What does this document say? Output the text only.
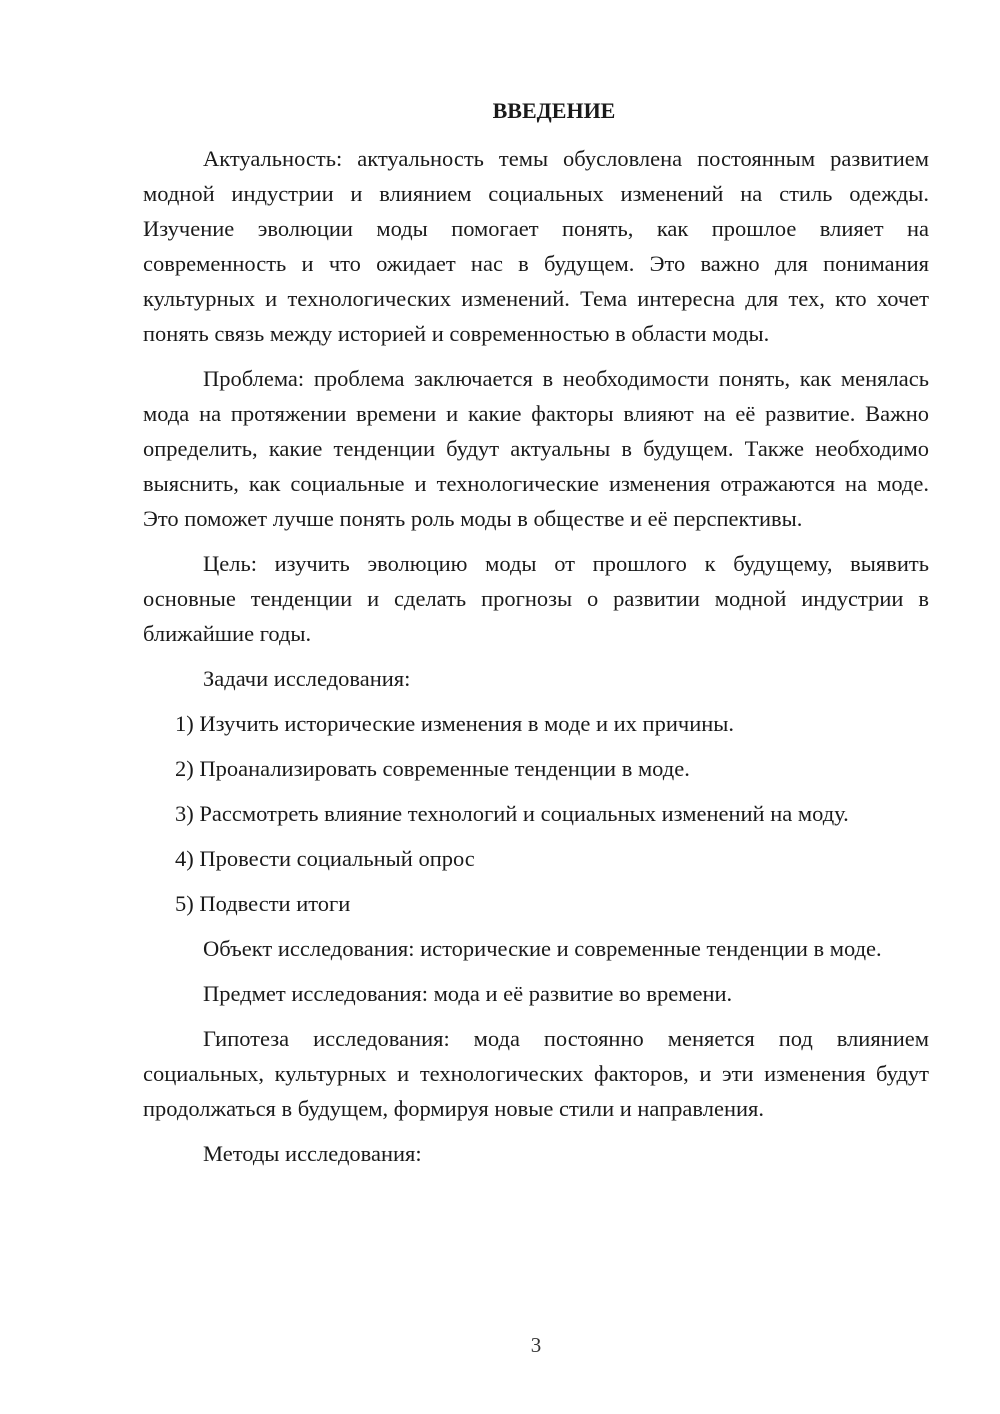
ВВЕДЕНИЕ

Актуальность: актуальность темы обусловлена постоянным развитием модной индустрии и влиянием социальных изменений на стиль одежды. Изучение эволюции моды помогает понять, как прошлое влияет на современность и что ожидает нас в будущем. Это важно для понимания культурных и технологических изменений. Тема интересна для тех, кто хочет понять связь между историей и современностью в области моды.

Проблема: проблема заключается в необходимости понять, как менялась мода на протяжении времени и какие факторы влияют на её развитие. Важно определить, какие тенденции будут актуальны в будущем. Также необходимо выяснить, как социальные и технологические изменения отражаются на моде. Это поможет лучше понять роль моды в обществе и её перспективы.

Цель: изучить эволюцию моды от прошлого к будущему, выявить основные тенденции и сделать прогнозы о развитии модной индустрии в ближайшие годы.

Задачи исследования:

1) Изучить исторические изменения в моде и их причины.
2) Проанализировать современные тенденции в моде.
3) Рассмотреть влияние технологий и социальных изменений на моду.
4) Провести социальный опрос
5) Подвести итоги

Объект исследования: исторические и современные тенденции в моде.

Предмет исследования: мода и её развитие во времени.

Гипотеза исследования: мода постоянно меняется под влиянием социальных, культурных и технологических факторов, и эти изменения будут продолжаться в будущем, формируя новые стили и направления.

Методы исследования:

3
